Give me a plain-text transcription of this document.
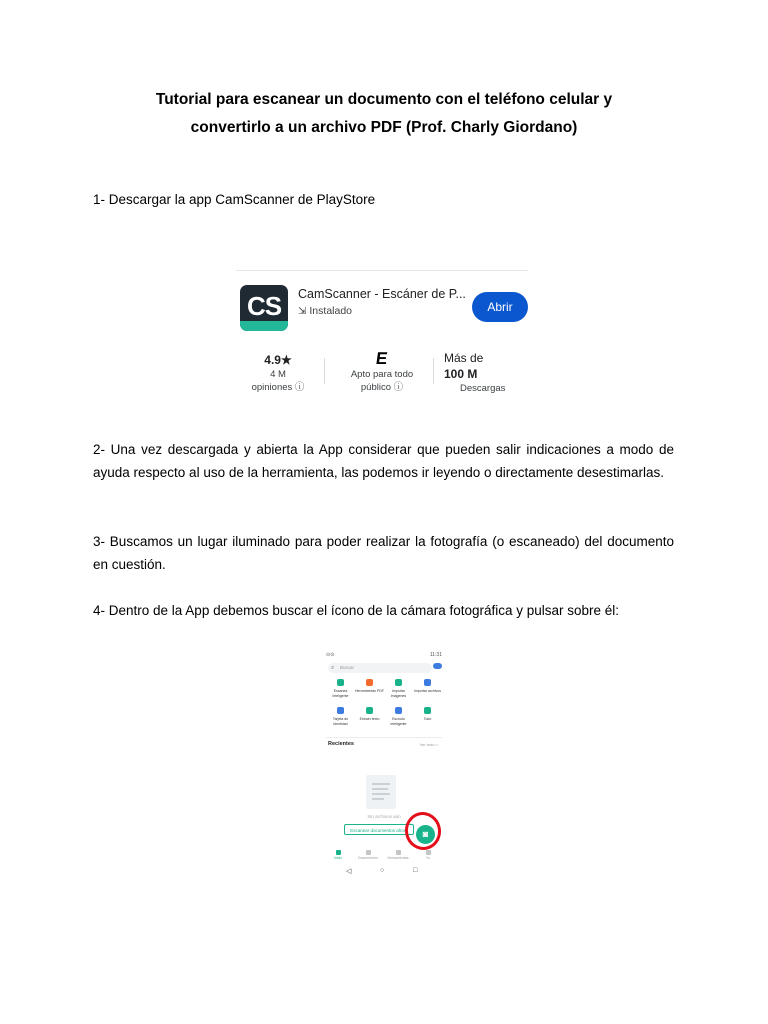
Tutorial para escanear un documento con el teléfono celular y
convertirlo a un archivo PDF (Prof. Charly Giordano)
1- Descargar la app CamScanner de PlayStore
CS	CamScanner - Escáner de P...
⇲ Instalado	Abrir
4.9★
4 M
opiniones ⓘ
E
Apto para todo
público ⓘ
Más de
100 M
Descargas
2- Una vez descargada y abierta la App considerar que pueden salir indicaciones a modo de ayuda respecto al uso de la herramienta, las podemos ir leyendo o directamente desestimarlas.
3- Buscamos un lugar iluminado para poder realizar la fotografía (o escaneado) del documento en cuestión.
4- Dentro de la App debemos buscar el ícono de la cámara fotográfica y pulsar sobre él:
⊙⊙	11:31
⌕ Buscar
Escanea inteligente
Herramientas PDF	Importar imágenes
Importar archivos
Tarjeta de identidad
Extraer texto	Escrudo inteligente
Todo
Recientes	Ver todo >
Sin archivos aún
Escanear documentos ahora	◙
Inicio	Documentos	Herramientas	Yo
◁	○	□
